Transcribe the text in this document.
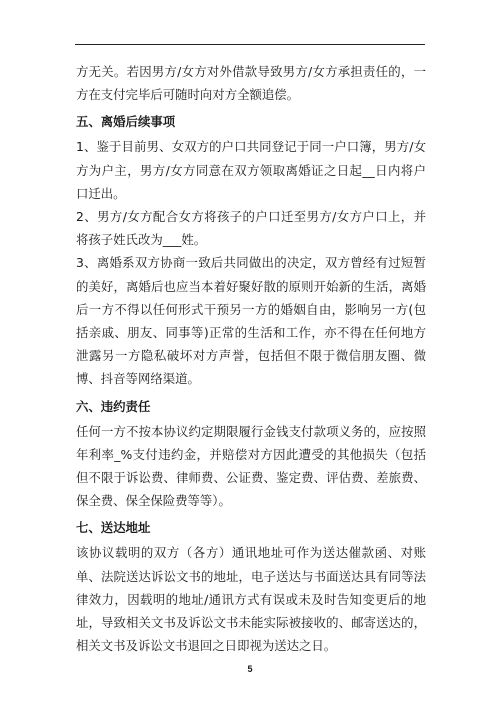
方无关。若因男方/女方对外借款导致男方/女方承担责任的，一方在支付完毕后可随时向对方全额追偿。

五、离婚后续事项

1、鉴于目前男、女双方的户口共同登记于同一户口簿，男方/女方为户主，男方/女方同意在双方领取离婚证之日起__日内将户口迁出。

2、男方/女方配合女方将孩子的户口迁至男方/女方户口上，并将孩子姓氏改为___姓。

3、离婚系双方协商一致后共同做出的决定，双方曾经有过短暂的美好，离婚后也应当本着好聚好散的原则开始新的生活，离婚后一方不得以任何形式干预另一方的婚姻自由，影响另一方(包括亲戚、朋友、同事等)正常的生活和工作，亦不得在任何地方泄露另一方隐私破坏对方声誉，包括但不限于微信朋友圈、微博、抖音等网络渠道。

六、违约责任

任何一方不按本协议约定期限履行金钱支付款项义务的，应按照年利率_%支付违约金，并赔偿对方因此遭受的其他损失（包括但不限于诉讼费、律师费、公证费、鉴定费、评估费、差旅费、保全费、保全保险费等等）。

七、送达地址

该协议载明的双方（各方）通讯地址可作为送达催款函、对账单、法院送达诉讼文书的地址，电子送达与书面送达具有同等法律效力，因载明的地址/通讯方式有误或未及时告知变更后的地址，导致相关文书及诉讼文书未能实际被接收的、邮寄送达的，相关文书及诉讼文书退回之日即视为送达之日。

5
